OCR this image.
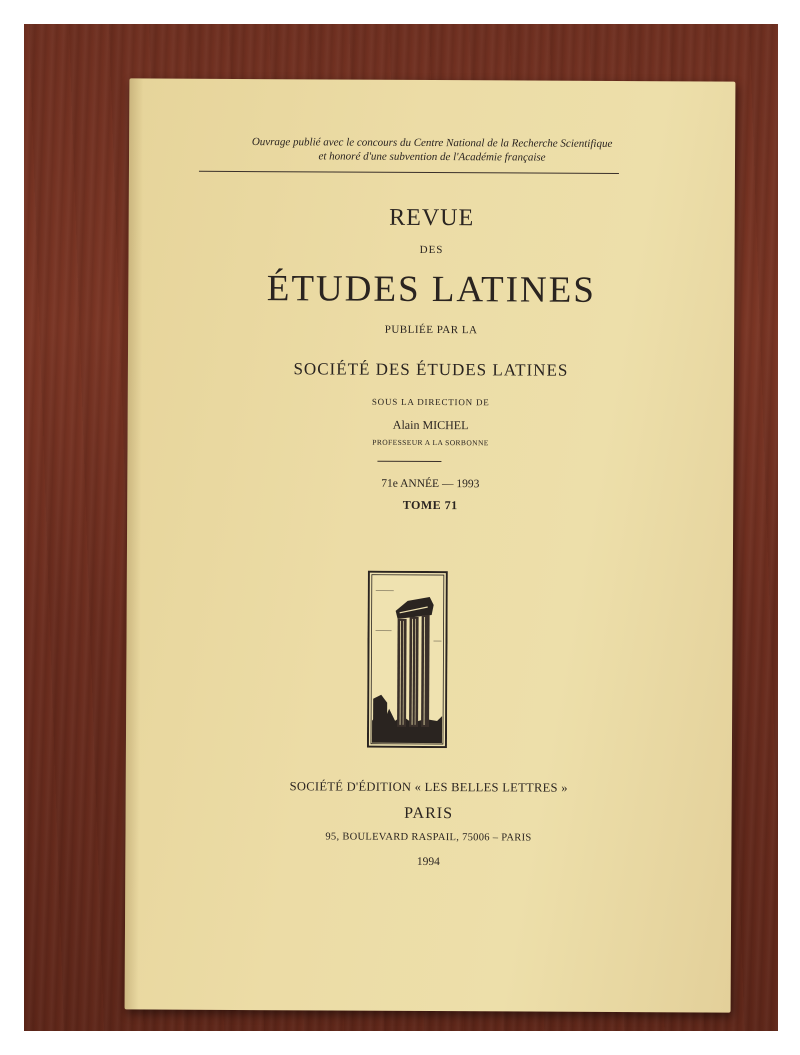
Ouvrage publié avec le concours du Centre National de la Recherche Scientifique
et honoré d'une subvention de l'Académie française
REVUE
DES
ÉTUDES LATINES
PUBLIÉE PAR LA
SOCIÉTÉ DES ÉTUDES LATINES
SOUS LA DIRECTION DE
Alain MICHEL
PROFESSEUR A LA SORBONNE
71e ANNÉE — 1993
TOME 71
SOCIÉTÉ D'ÉDITION « LES BELLES LETTRES »
PARIS
95, BOULEVARD RASPAIL, 75006 – PARIS
1994
